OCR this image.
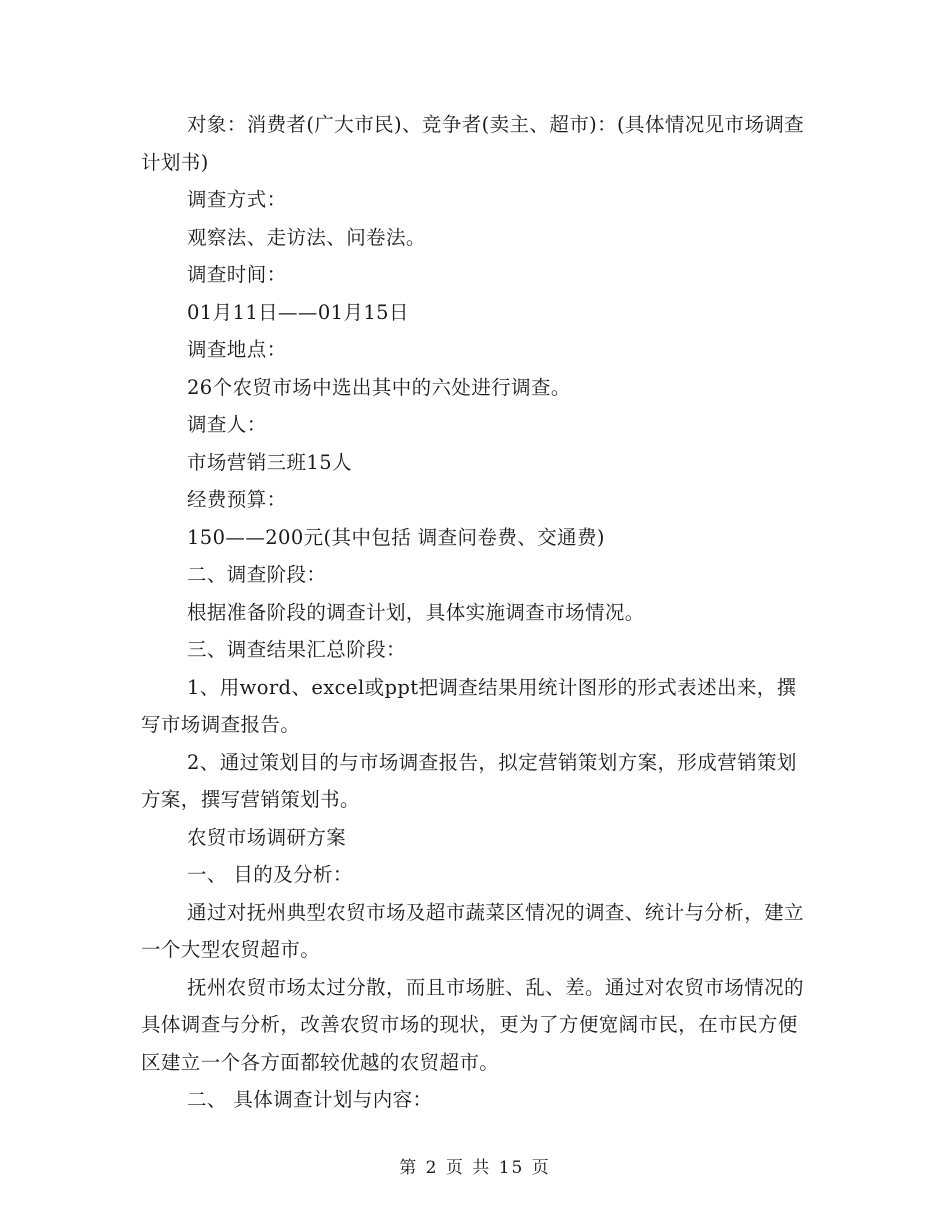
对象：消费者(广大市民)、竞争者(卖主、超市)：(具体情况见市场调查计划书)

调查方式：

观察法、走访法、问卷法。

调查时间：

01月11日——01月15日

调查地点：

26个农贸市场中选出其中的六处进行调查。

调查人：

市场营销三班15人

经费预算：

150——200元(其中包括 调查问卷费、交通费)

二、调查阶段：

根据准备阶段的调查计划，具体实施调查市场情况。

三、调查结果汇总阶段：

1、用word、excel或ppt把调查结果用统计图形的形式表述出来，撰写市场调查报告。

2、通过策划目的与市场调查报告，拟定营销策划方案，形成营销策划方案，撰写营销策划书。

农贸市场调研方案

一、 目的及分析：

通过对抚州典型农贸市场及超市蔬菜区情况的调查、统计与分析，建立一个大型农贸超市。

抚州农贸市场太过分散，而且市场脏、乱、差。通过对农贸市场情况的具体调查与分析，改善农贸市场的现状，更为了方便宽阔市民，在市民方便区建立一个各方面都较优越的农贸超市。

二、 具体调查计划与内容：

第 2 页 共 15 页
